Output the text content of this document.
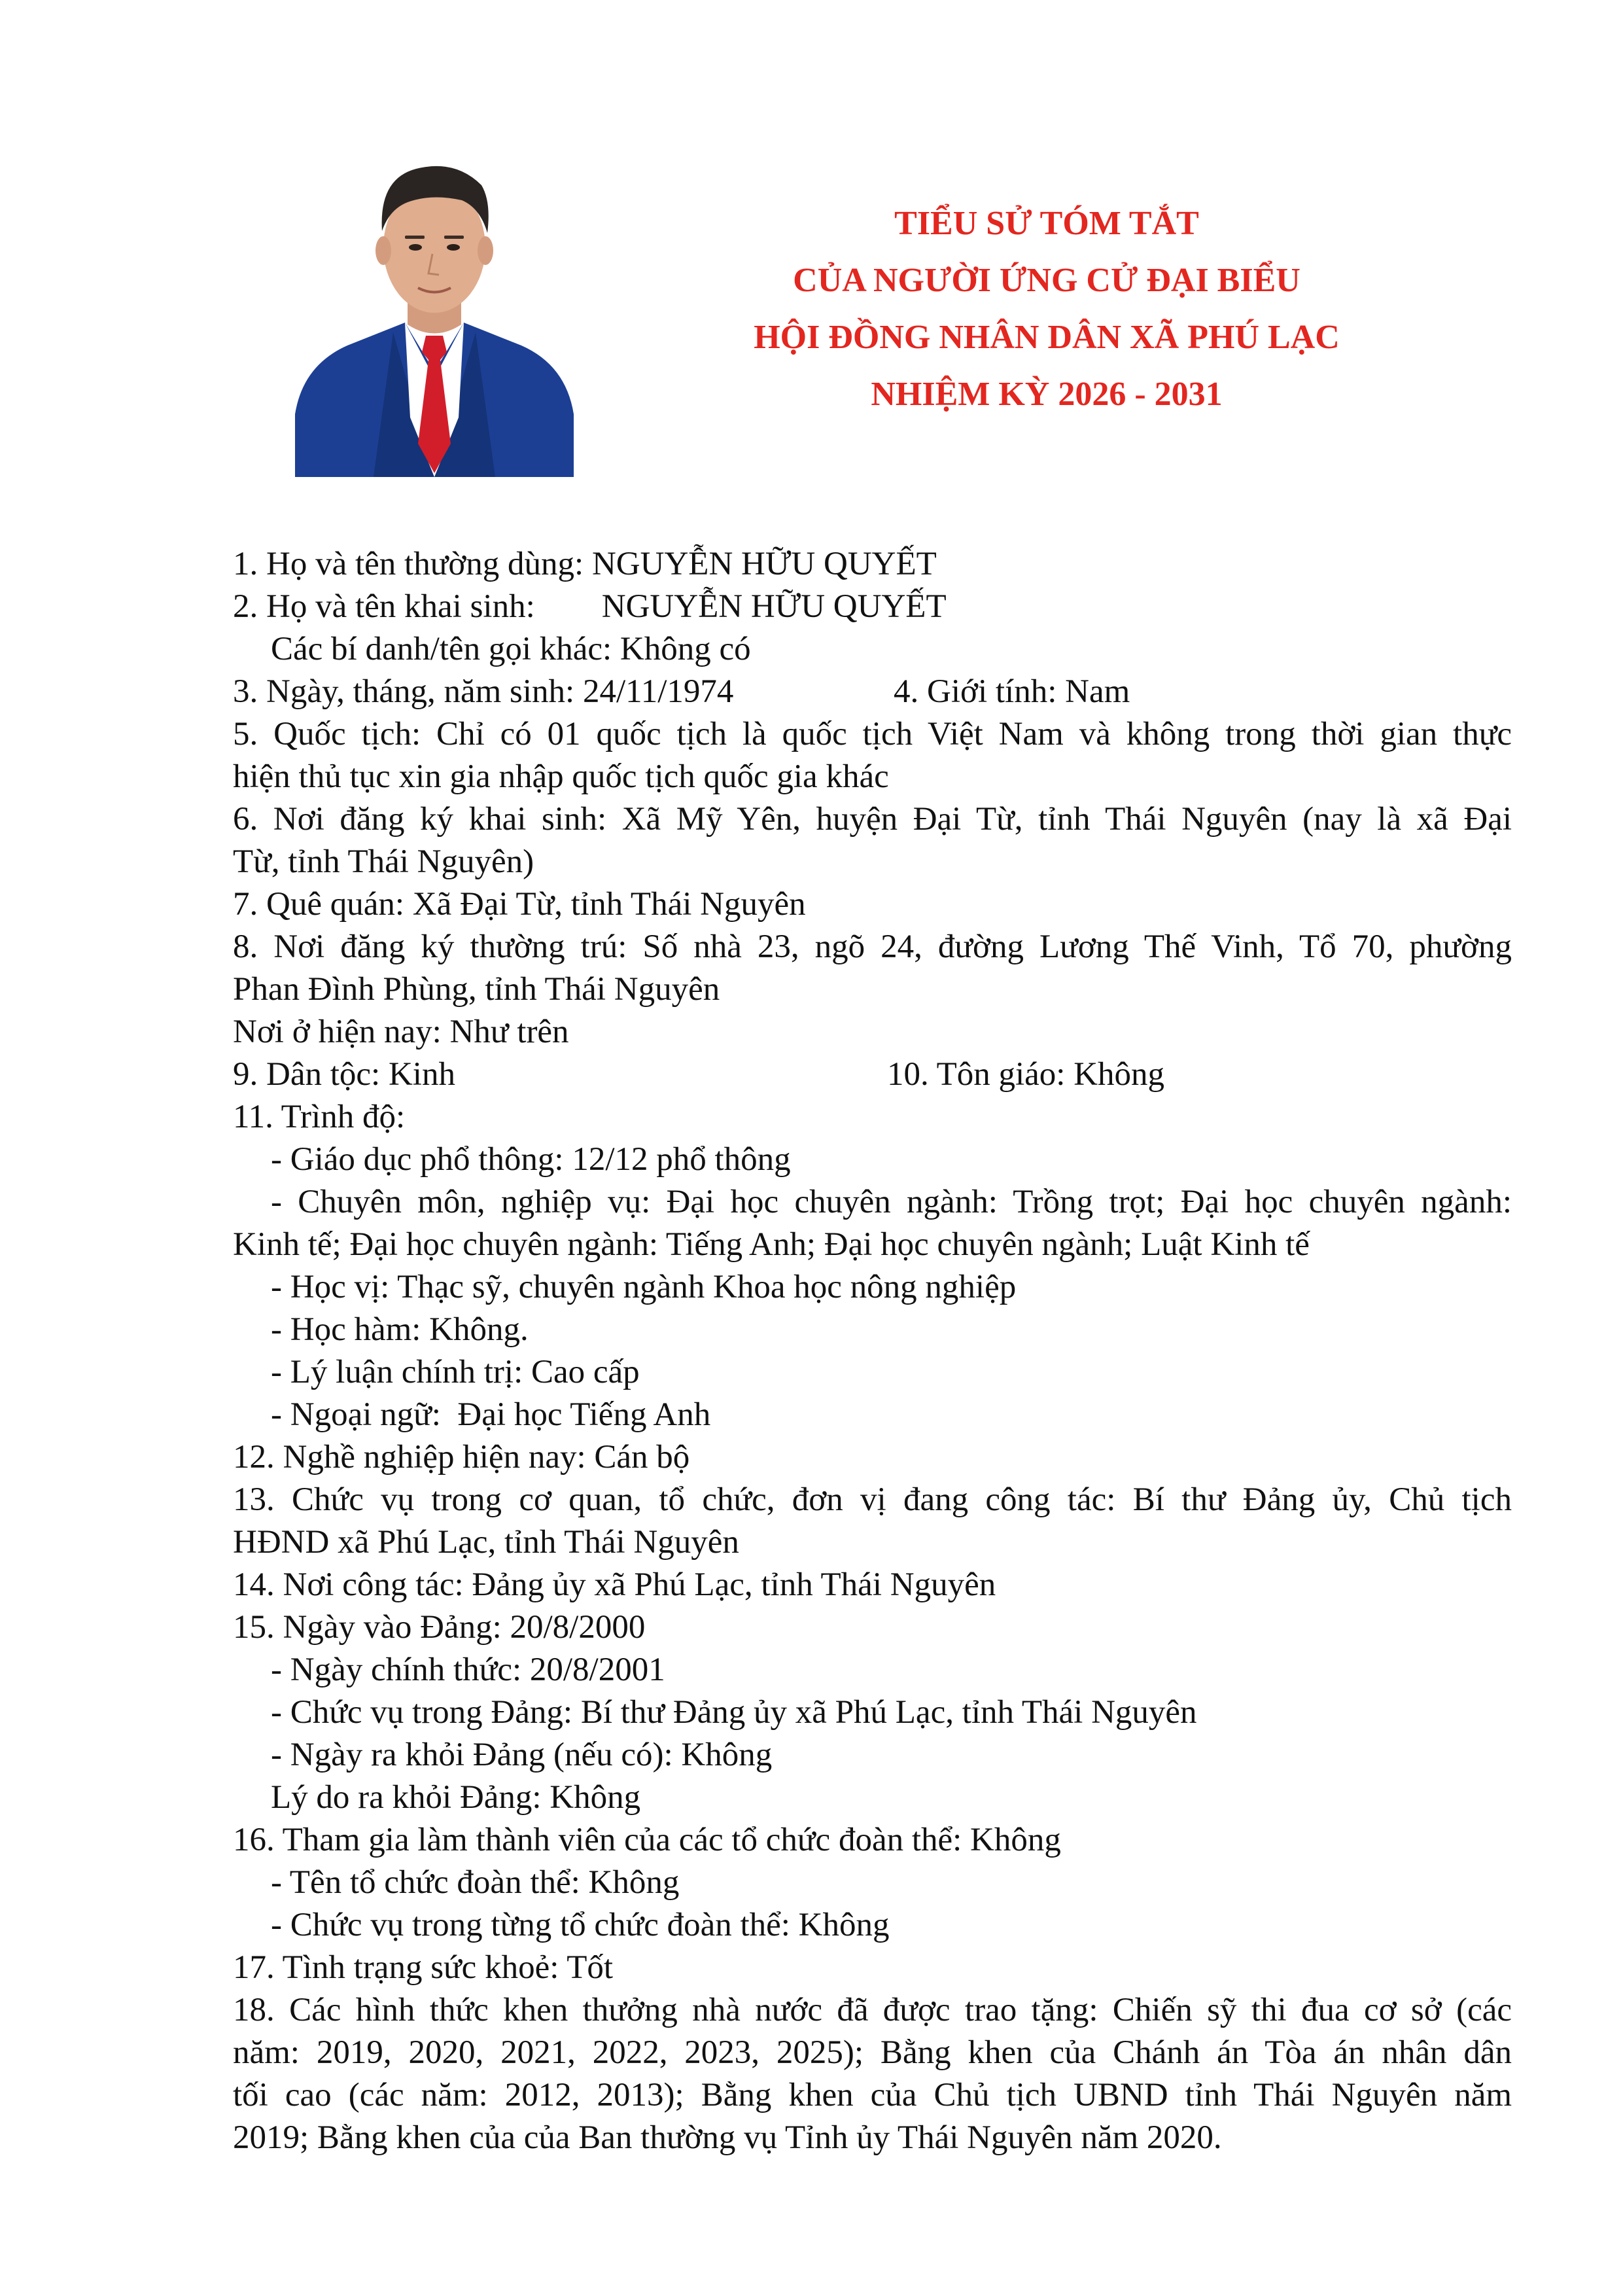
TIỂU SỬ TÓM TẮT
CỦA NGƯỜI ỨNG CỬ ĐẠI BIỂU
HỘI ĐỒNG NHÂN DÂN XÃ PHÚ LẠC
NHIỆM KỲ 2026 - 2031
1. Họ và tên thường dùng: NGUYỄN HỮU QUYẾT
2. Họ và tên khai sinh:        NGUYỄN HỮU QUYẾT
Các bí danh/tên gọi khác: Không có
3. Ngày, tháng, năm sinh: 24/11/1974	4. Giới tính: Nam
5. Quốc tịch: Chỉ có 01 quốc tịch là quốc tịch Việt Nam và không trong thời gian thực
hiện thủ tục xin gia nhập quốc tịch quốc gia khác
6. Nơi đăng ký khai sinh: Xã Mỹ Yên, huyện Đại Từ, tỉnh Thái Nguyên (nay là xã Đại
Từ, tỉnh Thái Nguyên)
7. Quê quán: Xã Đại Từ, tỉnh Thái Nguyên
8. Nơi đăng ký thường trú: Số nhà 23, ngõ 24, đường Lương Thế Vinh, Tổ 70, phường
Phan Đình Phùng, tỉnh Thái Nguyên
Nơi ở hiện nay: Như trên
9. Dân tộc: Kinh	10. Tôn giáo: Không
11. Trình độ:
- Giáo dục phổ thông: 12/12 phổ thông
- Chuyên môn, nghiệp vụ: Đại học chuyên ngành: Trồng trọt; Đại học chuyên ngành:
Kinh tế; Đại học chuyên ngành: Tiếng Anh; Đại học chuyên ngành; Luật Kinh tế
- Học vị: Thạc sỹ, chuyên ngành Khoa học nông nghiệp
- Học hàm: Không.
- Lý luận chính trị: Cao cấp
- Ngoại ngữ:  Đại học Tiếng Anh
12. Nghề nghiệp hiện nay: Cán bộ
13. Chức vụ trong cơ quan, tổ chức, đơn vị đang công tác: Bí thư Đảng ủy, Chủ tịch
HĐND xã Phú Lạc, tỉnh Thái Nguyên
14. Nơi công tác: Đảng ủy xã Phú Lạc, tỉnh Thái Nguyên
15. Ngày vào Đảng: 20/8/2000
- Ngày chính thức: 20/8/2001
- Chức vụ trong Đảng: Bí thư Đảng ủy xã Phú Lạc, tỉnh Thái Nguyên
- Ngày ra khỏi Đảng (nếu có): Không
Lý do ra khỏi Đảng: Không
16. Tham gia làm thành viên của các tổ chức đoàn thể: Không
- Tên tổ chức đoàn thể: Không
- Chức vụ trong từng tổ chức đoàn thể: Không
17. Tình trạng sức khoẻ: Tốt
18. Các hình thức khen thưởng nhà nước đã được trao tặng: Chiến sỹ thi đua cơ sở (các
năm: 2019, 2020, 2021, 2022, 2023, 2025); Bằng khen của Chánh án Tòa án nhân dân
tối cao (các năm: 2012, 2013); Bằng khen của Chủ tịch UBND tỉnh Thái Nguyên năm
2019; Bằng khen của của Ban thường vụ Tỉnh ủy Thái Nguyên năm 2020.
